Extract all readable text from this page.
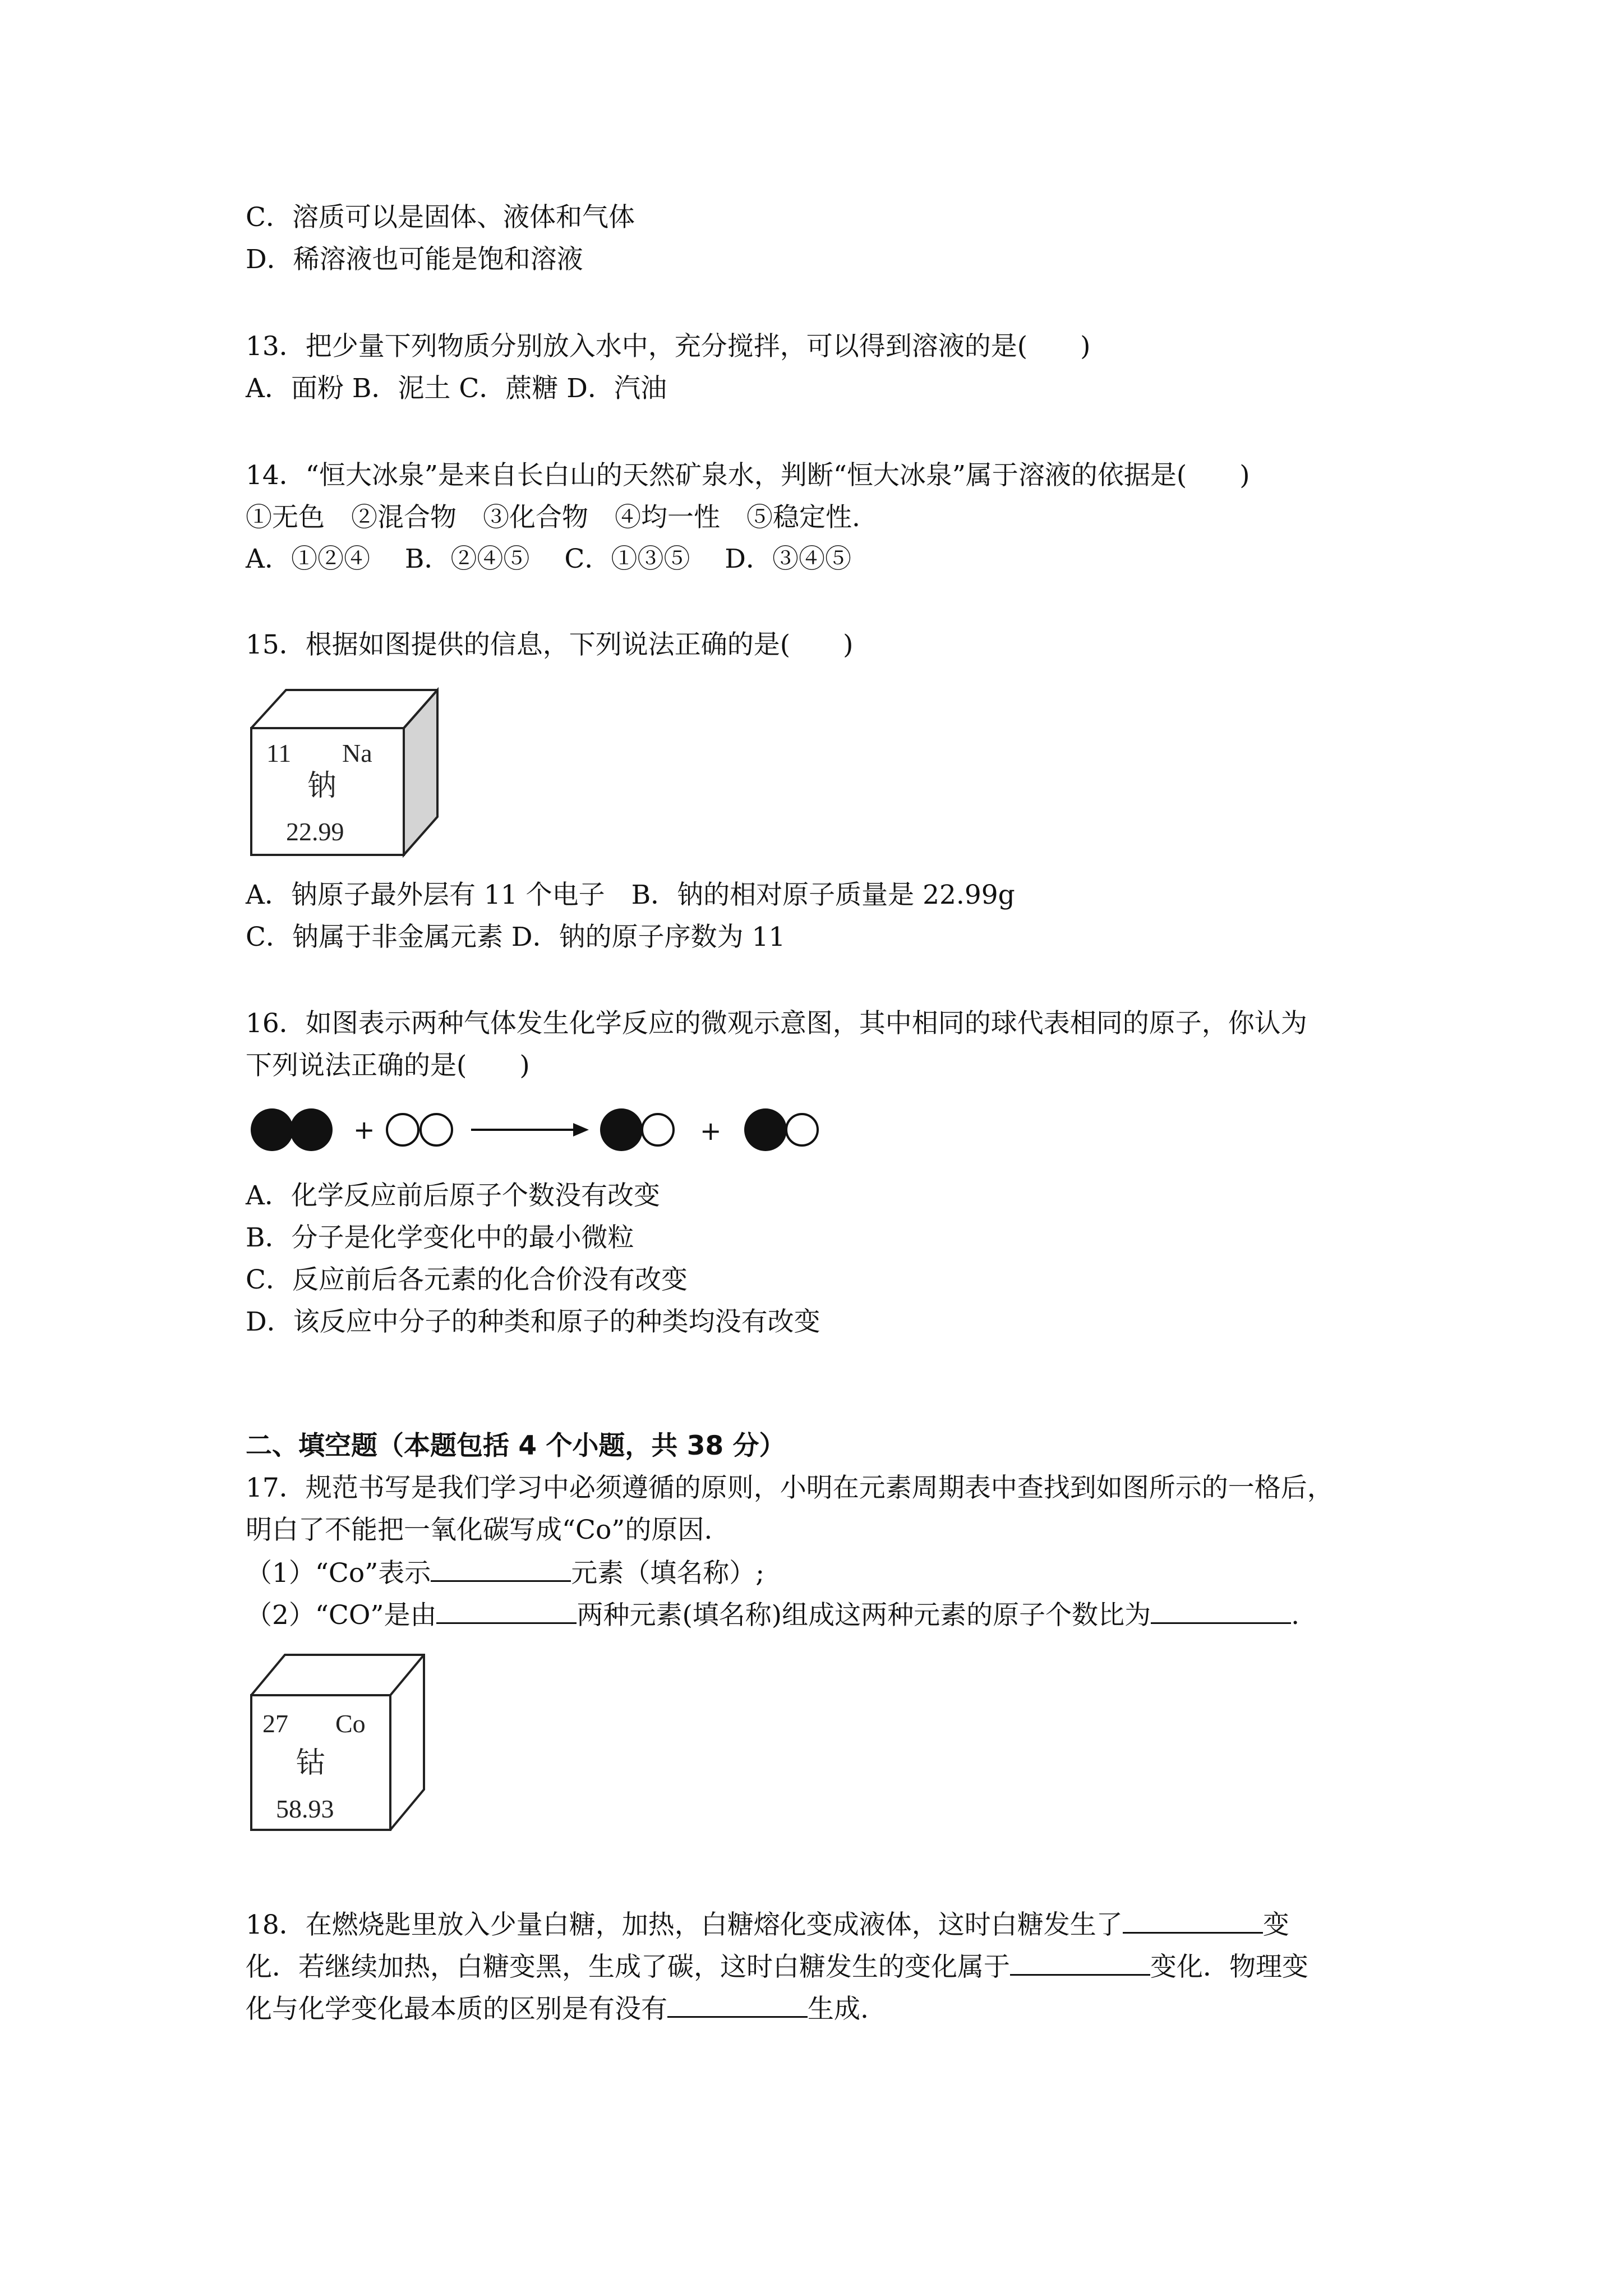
C．溶质可以是固体、液体和气体
D．稀溶液也可能是饱和溶液
13．把少量下列物质分别放入水中，充分搅拌，可以得到溶液的是(　　)
A．面粉 B．泥土 C．蔗糖 D．汽油
14．“恒大冰泉”是来自长白山的天然矿泉水，判断“恒大冰泉”属于溶液的依据是(　　)
①无色　②混合物　③化合物　④均一性　⑤稳定性.
A．①②④　 B．②④⑤　 C．①③⑤　 D．③④⑤
15．根据如图提供的信息，下列说法正确的是(　　)
11 Na
钠
22.99
A．钠原子最外层有 11 个电子　B．钠的相对原子质量是 22.99g
C．钠属于非金属元素 D．钠的原子序数为 11
16．如图表示两种气体发生化学反应的微观示意图，其中相同的球代表相同的原子，你认为
下列说法正确的是(　　)
+	+
A．化学反应前后原子个数没有改变
B．分子是化学变化中的最小微粒
C．反应前后各元素的化合价没有改变
D．该反应中分子的种类和原子的种类均没有改变
二、填空题（本题包括 4 个小题，共 38 分）
17．规范书写是我们学习中必须遵循的原则，小明在元素周期表中查找到如图所示的一格后，
明白了不能把一氧化碳写成“Co”的原因.
（1）“Co”表示	元素（填名称）;
（2）“CO”是由	两种元素(填名称)组成这两种元素的原子个数比为	.
27 Co
钴
58.93
18．在燃烧匙里放入少量白糖，加热，白糖熔化变成液体，这时白糖发生了	变
化．若继续加热，白糖变黑，生成了碳，这时白糖发生的变化属于	变化．物理变
化与化学变化最本质的区别是有没有	生成.
